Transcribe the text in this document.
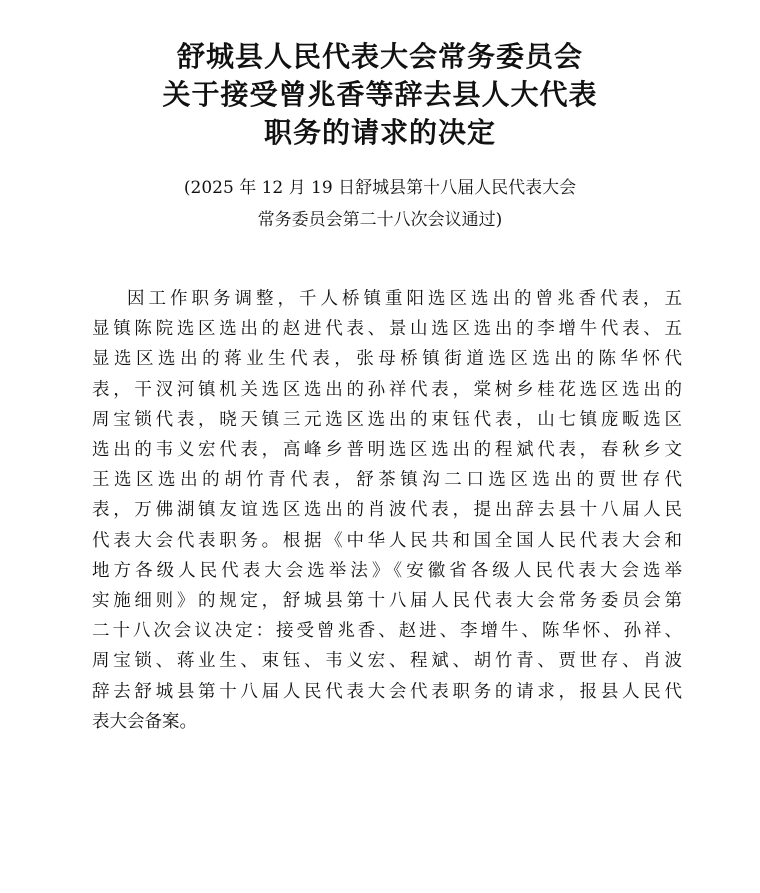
舒城县人民代表大会常务委员会
关于接受曾兆香等辞去县人大代表
职务的请求的决定
(2025 年 12 月 19 日舒城县第十八届人民代表大会
常务委员会第二十八次会议通过)
因工作职务调整，千人桥镇重阳选区选出的曾兆香代表，五
显镇陈院选区选出的赵进代表、景山选区选出的李增牛代表、五
显选区选出的蒋业生代表，张母桥镇街道选区选出的陈华怀代
表，干汊河镇机关选区选出的孙祥代表，棠树乡桂花选区选出的
周宝锁代表，晓天镇三元选区选出的束钰代表，山七镇庞畈选区
选出的韦义宏代表，高峰乡普明选区选出的程斌代表，春秋乡文
王选区选出的胡竹青代表，舒茶镇沟二口选区选出的贾世存代
表，万佛湖镇友谊选区选出的肖波代表，提出辞去县十八届人民
代表大会代表职务。根据《中华人民共和国全国人民代表大会和
地方各级人民代表大会选举法》《安徽省各级人民代表大会选举
实施细则》的规定，舒城县第十八届人民代表大会常务委员会第
二十八次会议决定：接受曾兆香、赵进、李增牛、陈华怀、孙祥、
周宝锁、蒋业生、束钰、韦义宏、程斌、胡竹青、贾世存、肖波
辞去舒城县第十八届人民代表大会代表职务的请求，报县人民代
表大会备案。
